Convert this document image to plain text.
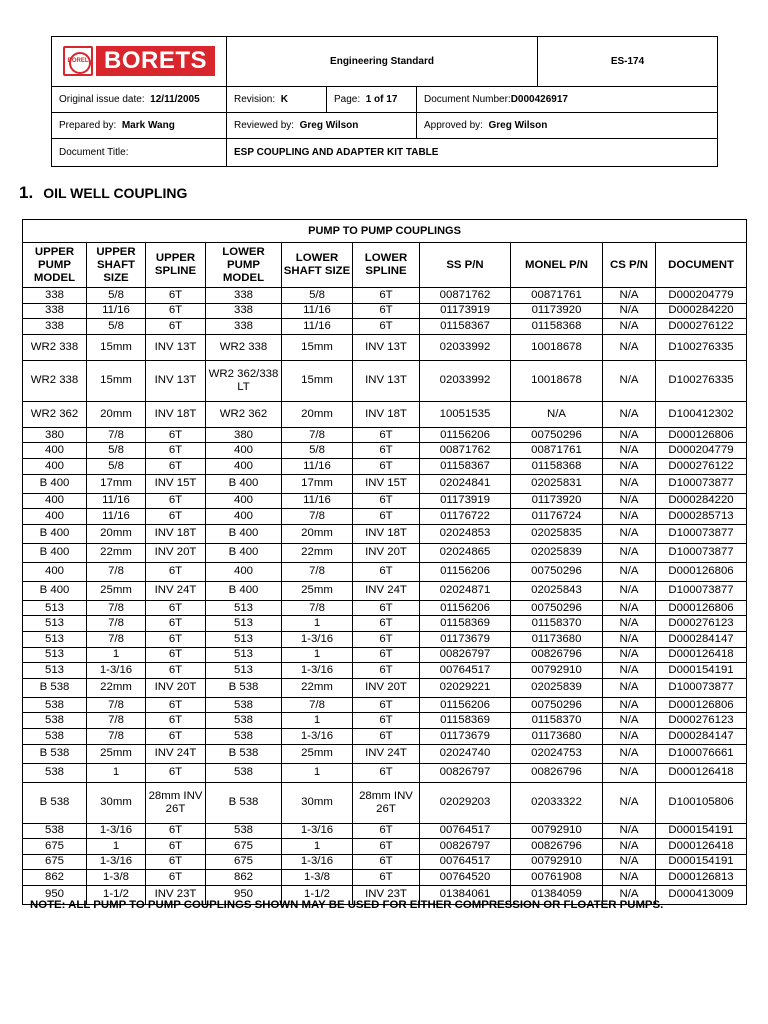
BOREL BORETS	Engineering Standard			ES-174
Original issue date: 12/11/2005	Revision: K	Page: 1 of 17	Document Number:D000426917	
Prepared by: Mark Wang	Reviewed by: Greg Wilson		Approved by: Greg Wilson	
Document Title:	ESP COUPLING AND ADAPTER KIT TABLE			
1. OIL WELL COUPLING
PUMP TO PUMP COUPLINGS									
UPPER PUMP MODEL	UPPER SHAFT SIZE	UPPER SPLINE	LOWER PUMP MODEL	LOWER SHAFT SIZE	LOWER SPLINE	SS P/N	MONEL P/N	CS P/N	DOCUMENT
338	5/8	6T	338	5/8	6T	00871762	00871761	N/A	D000204779
338	11/16	6T	338	11/16	6T	01173919	01173920	N/A	D000284220
338	5/8	6T	338	11/16	6T	01158367	01158368	N/A	D000276122
WR2 338	15mm	INV 13T	WR2 338	15mm	INV 13T	02033992	10018678	N/A	D100276335
WR2 338	15mm	INV 13T	WR2 362/338 LT	15mm	INV 13T	02033992	10018678	N/A	D100276335
WR2 362	20mm	INV 18T	WR2 362	20mm	INV 18T	10051535	N/A	N/A	D100412302
380	7/8	6T	380	7/8	6T	01156206	00750296	N/A	D000126806
400	5/8	6T	400	5/8	6T	00871762	00871761	N/A	D000204779
400	5/8	6T	400	11/16	6T	01158367	01158368	N/A	D000276122
B 400	17mm	INV 15T	B 400	17mm	INV 15T	02024841	02025831	N/A	D100073877
400	11/16	6T	400	11/16	6T	01173919	01173920	N/A	D000284220
400	11/16	6T	400	7/8	6T	01176722	01176724	N/A	D000285713
B 400	20mm	INV 18T	B 400	20mm	INV 18T	02024853	02025835	N/A	D100073877
B 400	22mm	INV 20T	B 400	22mm	INV 20T	02024865	02025839	N/A	D100073877
400	7/8	6T	400	7/8	6T	01156206	00750296	N/A	D000126806
B 400	25mm	INV 24T	B 400	25mm	INV 24T	02024871	02025843	N/A	D100073877
513	7/8	6T	513	7/8	6T	01156206	00750296	N/A	D000126806
513	7/8	6T	513	1	6T	01158369	01158370	N/A	D000276123
513	7/8	6T	513	1-3/16	6T	01173679	01173680	N/A	D000284147
513	1	6T	513	1	6T	00826797	00826796	N/A	D000126418
513	1-3/16	6T	513	1-3/16	6T	00764517	00792910	N/A	D000154191
B 538	22mm	INV 20T	B 538	22mm	INV 20T	02029221	02025839	N/A	D100073877
538	7/8	6T	538	7/8	6T	01156206	00750296	N/A	D000126806
538	7/8	6T	538	1	6T	01158369	01158370	N/A	D000276123
538	7/8	6T	538	1-3/16	6T	01173679	01173680	N/A	D000284147
B 538	25mm	INV 24T	B 538	25mm	INV 24T	02024740	02024753	N/A	D100076661
538	1	6T	538	1	6T	00826797	00826796	N/A	D000126418
B 538	30mm	28mm INV 26T	B 538	30mm	28mm INV 26T	02029203	02033322	N/A	D100105806
538	1-3/16	6T	538	1-3/16	6T	00764517	00792910	N/A	D000154191
675	1	6T	675	1	6T	00826797	00826796	N/A	D000126418
675	1-3/16	6T	675	1-3/16	6T	00764517	00792910	N/A	D000154191
862	1-3/8	6T	862	1-3/8	6T	00764520	00761908	N/A	D000126813
950	1-1/2	INV 23T	950	1-1/2	INV 23T	01384061	01384059	N/A	D000413009
NOTE: ALL PUMP TO PUMP COUPLINGS SHOWN MAY BE USED FOR EITHER COMPRESSION OR FLOATER PUMPS.
